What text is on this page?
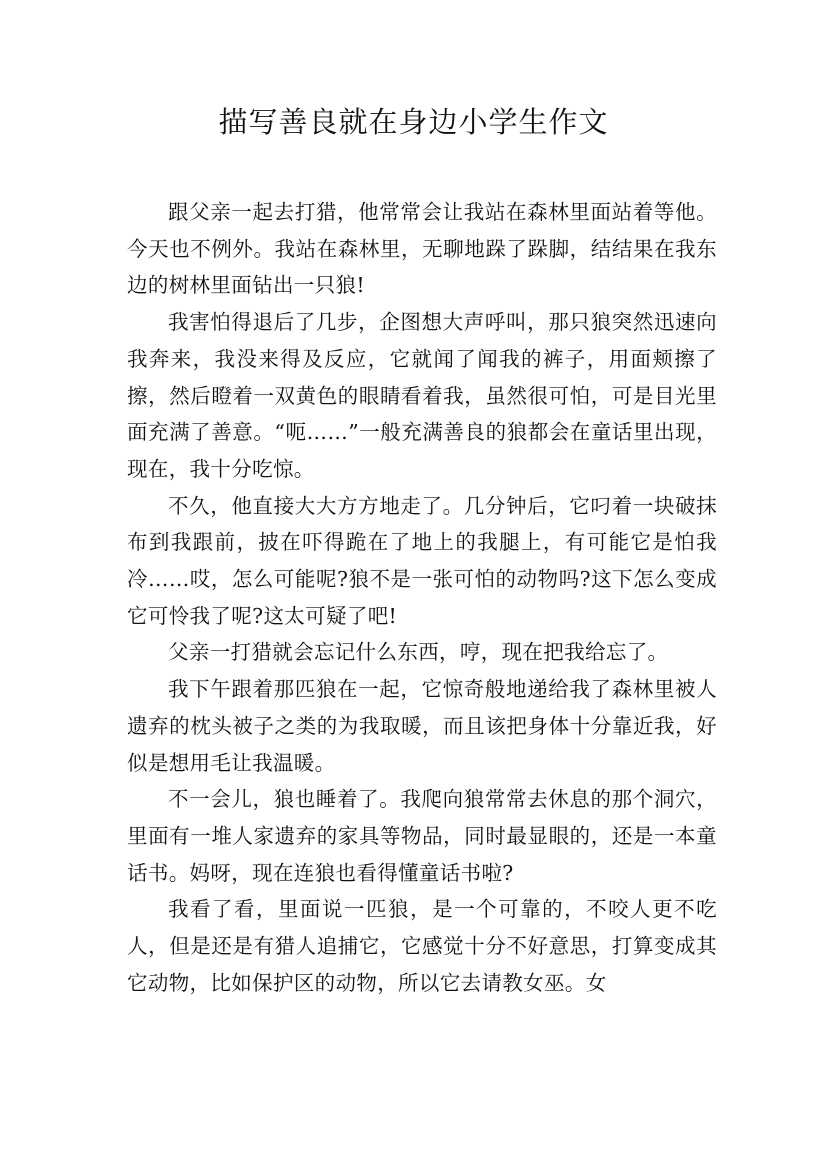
描写善良就在身边小学生作文

跟父亲一起去打猎，他常常会让我站在森林里面站着等他。今天也不例外。我站在森林里，无聊地跺了跺脚，结结果在我东边的树林里面钻出一只狼!

我害怕得退后了几步，企图想大声呼叫，那只狼突然迅速向我奔来，我没来得及反应，它就闻了闻我的裤子，用面颊擦了擦，然后瞪着一双黄色的眼睛看着我，虽然很可怕，可是目光里面充满了善意。“呃……”一般充满善良的狼都会在童话里出现，现在，我十分吃惊。

不久，他直接大大方方地走了。几分钟后，它叼着一块破抹布到我跟前，披在吓得跪在了地上的我腿上，有可能它是怕我冷……哎，怎么可能呢?狼不是一张可怕的动物吗?这下怎么变成它可怜我了呢?这太可疑了吧!

父亲一打猎就会忘记什么东西，哼，现在把我给忘了。

我下午跟着那匹狼在一起，它惊奇般地递给我了森林里被人遗弃的枕头被子之类的为我取暖，而且该把身体十分靠近我，好似是想用毛让我温暖。

不一会儿，狼也睡着了。我爬向狼常常去休息的那个洞穴，里面有一堆人家遗弃的家具等物品，同时最显眼的，还是一本童话书。妈呀，现在连狼也看得懂童话书啦?

我看了看，里面说一匹狼，是一个可靠的，不咬人更不吃人，但是还是有猎人追捕它，它感觉十分不好意思，打算变成其它动物，比如保护区的动物，所以它去请教女巫。女
